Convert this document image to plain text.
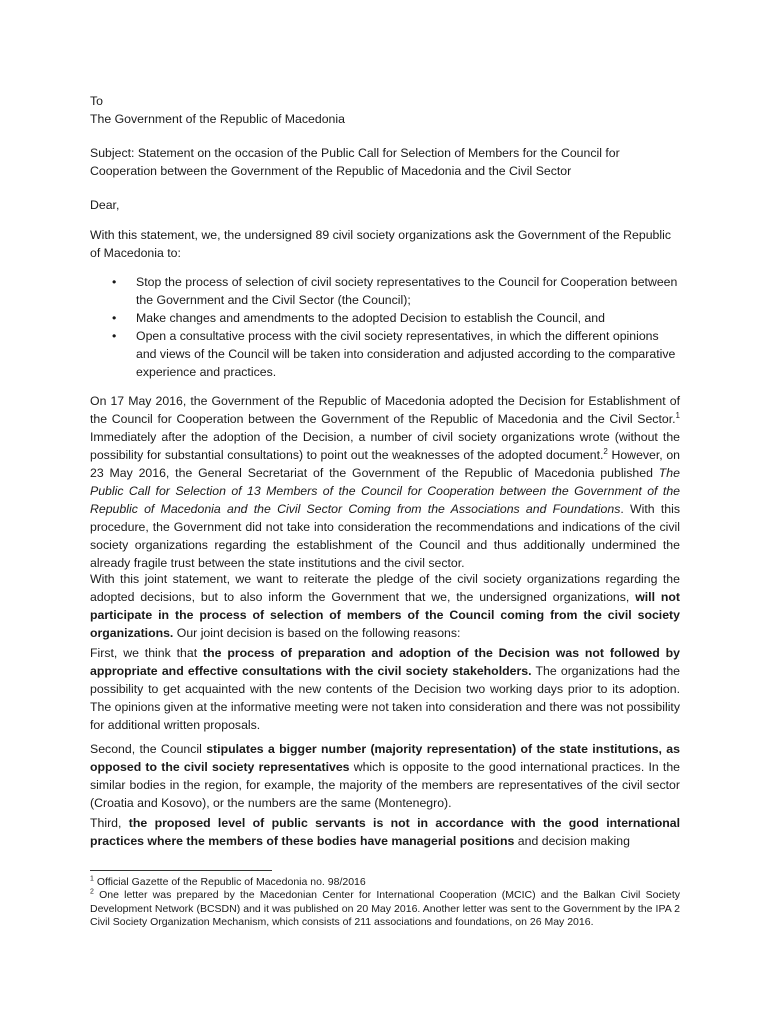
To

The Government of the Republic of Macedonia

Subject: Statement on the occasion of the Public Call for Selection of Members for the Council for Cooperation between the Government of the Republic of Macedonia and the Civil Sector

Dear,

With this statement, we, the undersigned 89 civil society organizations ask the Government of the Republic of Macedonia to:

• Stop the process of selection of civil society representatives to the Council for Cooperation between the Government and the Civil Sector (the Council);
• Make changes and amendments to the adopted Decision to establish the Council, and
• Open a consultative process with the civil society representatives, in which the different opinions and views of the Council will be taken into consideration and adjusted according to the comparative experience and practices.

On 17 May 2016, the Government of the Republic of Macedonia adopted the Decision for Establishment of the Council for Cooperation between the Government of the Republic of Macedonia and the Civil Sector.$^1$ Immediately after the adoption of the Decision, a number of civil society organizations wrote (without the possibility for substantial consultations) to point out the weaknesses of the adopted document.$^2$ However, on 23 May 2016, the General Secretariat of the Government of the Republic of Macedonia published The Public Call for Selection of 13 Members of the Council for Cooperation between the Government of the Republic of Macedonia and the Civil Sector Coming from the Associations and Foundations. With this procedure, the Government did not take into consideration the recommendations and indications of the civil society organizations regarding the establishment of the Council and thus additionally undermined the already fragile trust between the state institutions and the civil sector.

With this joint statement, we want to reiterate the pledge of the civil society organizations regarding the adopted decisions, but to also inform the Government that we, the undersigned organizations, will not participate in the process of selection of members of the Council coming from the civil society organizations. Our joint decision is based on the following reasons:

First, we think that the process of preparation and adoption of the Decision was not followed by appropriate and effective consultations with the civil society stakeholders. The organizations had the possibility to get acquainted with the new contents of the Decision two working days prior to its adoption. The opinions given at the informative meeting were not taken into consideration and there was not possibility for additional written proposals.

Second, the Council stipulates a bigger number (majority representation) of the state institutions, as opposed to the civil society representatives which is opposite to the good international practices. In the similar bodies in the region, for example, the majority of the members are representatives of the civil sector (Croatia and Kosovo), or the numbers are the same (Montenegro).

Third, the proposed level of public servants is not in accordance with the good international practices where the members of these bodies have managerial positions and decision making

$^1$ Official Gazette of the Republic of Macedonia no. 98/2016

$^2$ One letter was prepared by the Macedonian Center for International Cooperation (MCIC) and the Balkan Civil Society Development Network (BCSDN) and it was published on 20 May 2016. Another letter was sent to the Government by the IPA 2 Civil Society Organization Mechanism, which consists of 211 associations and foundations, on 26 May 2016.
